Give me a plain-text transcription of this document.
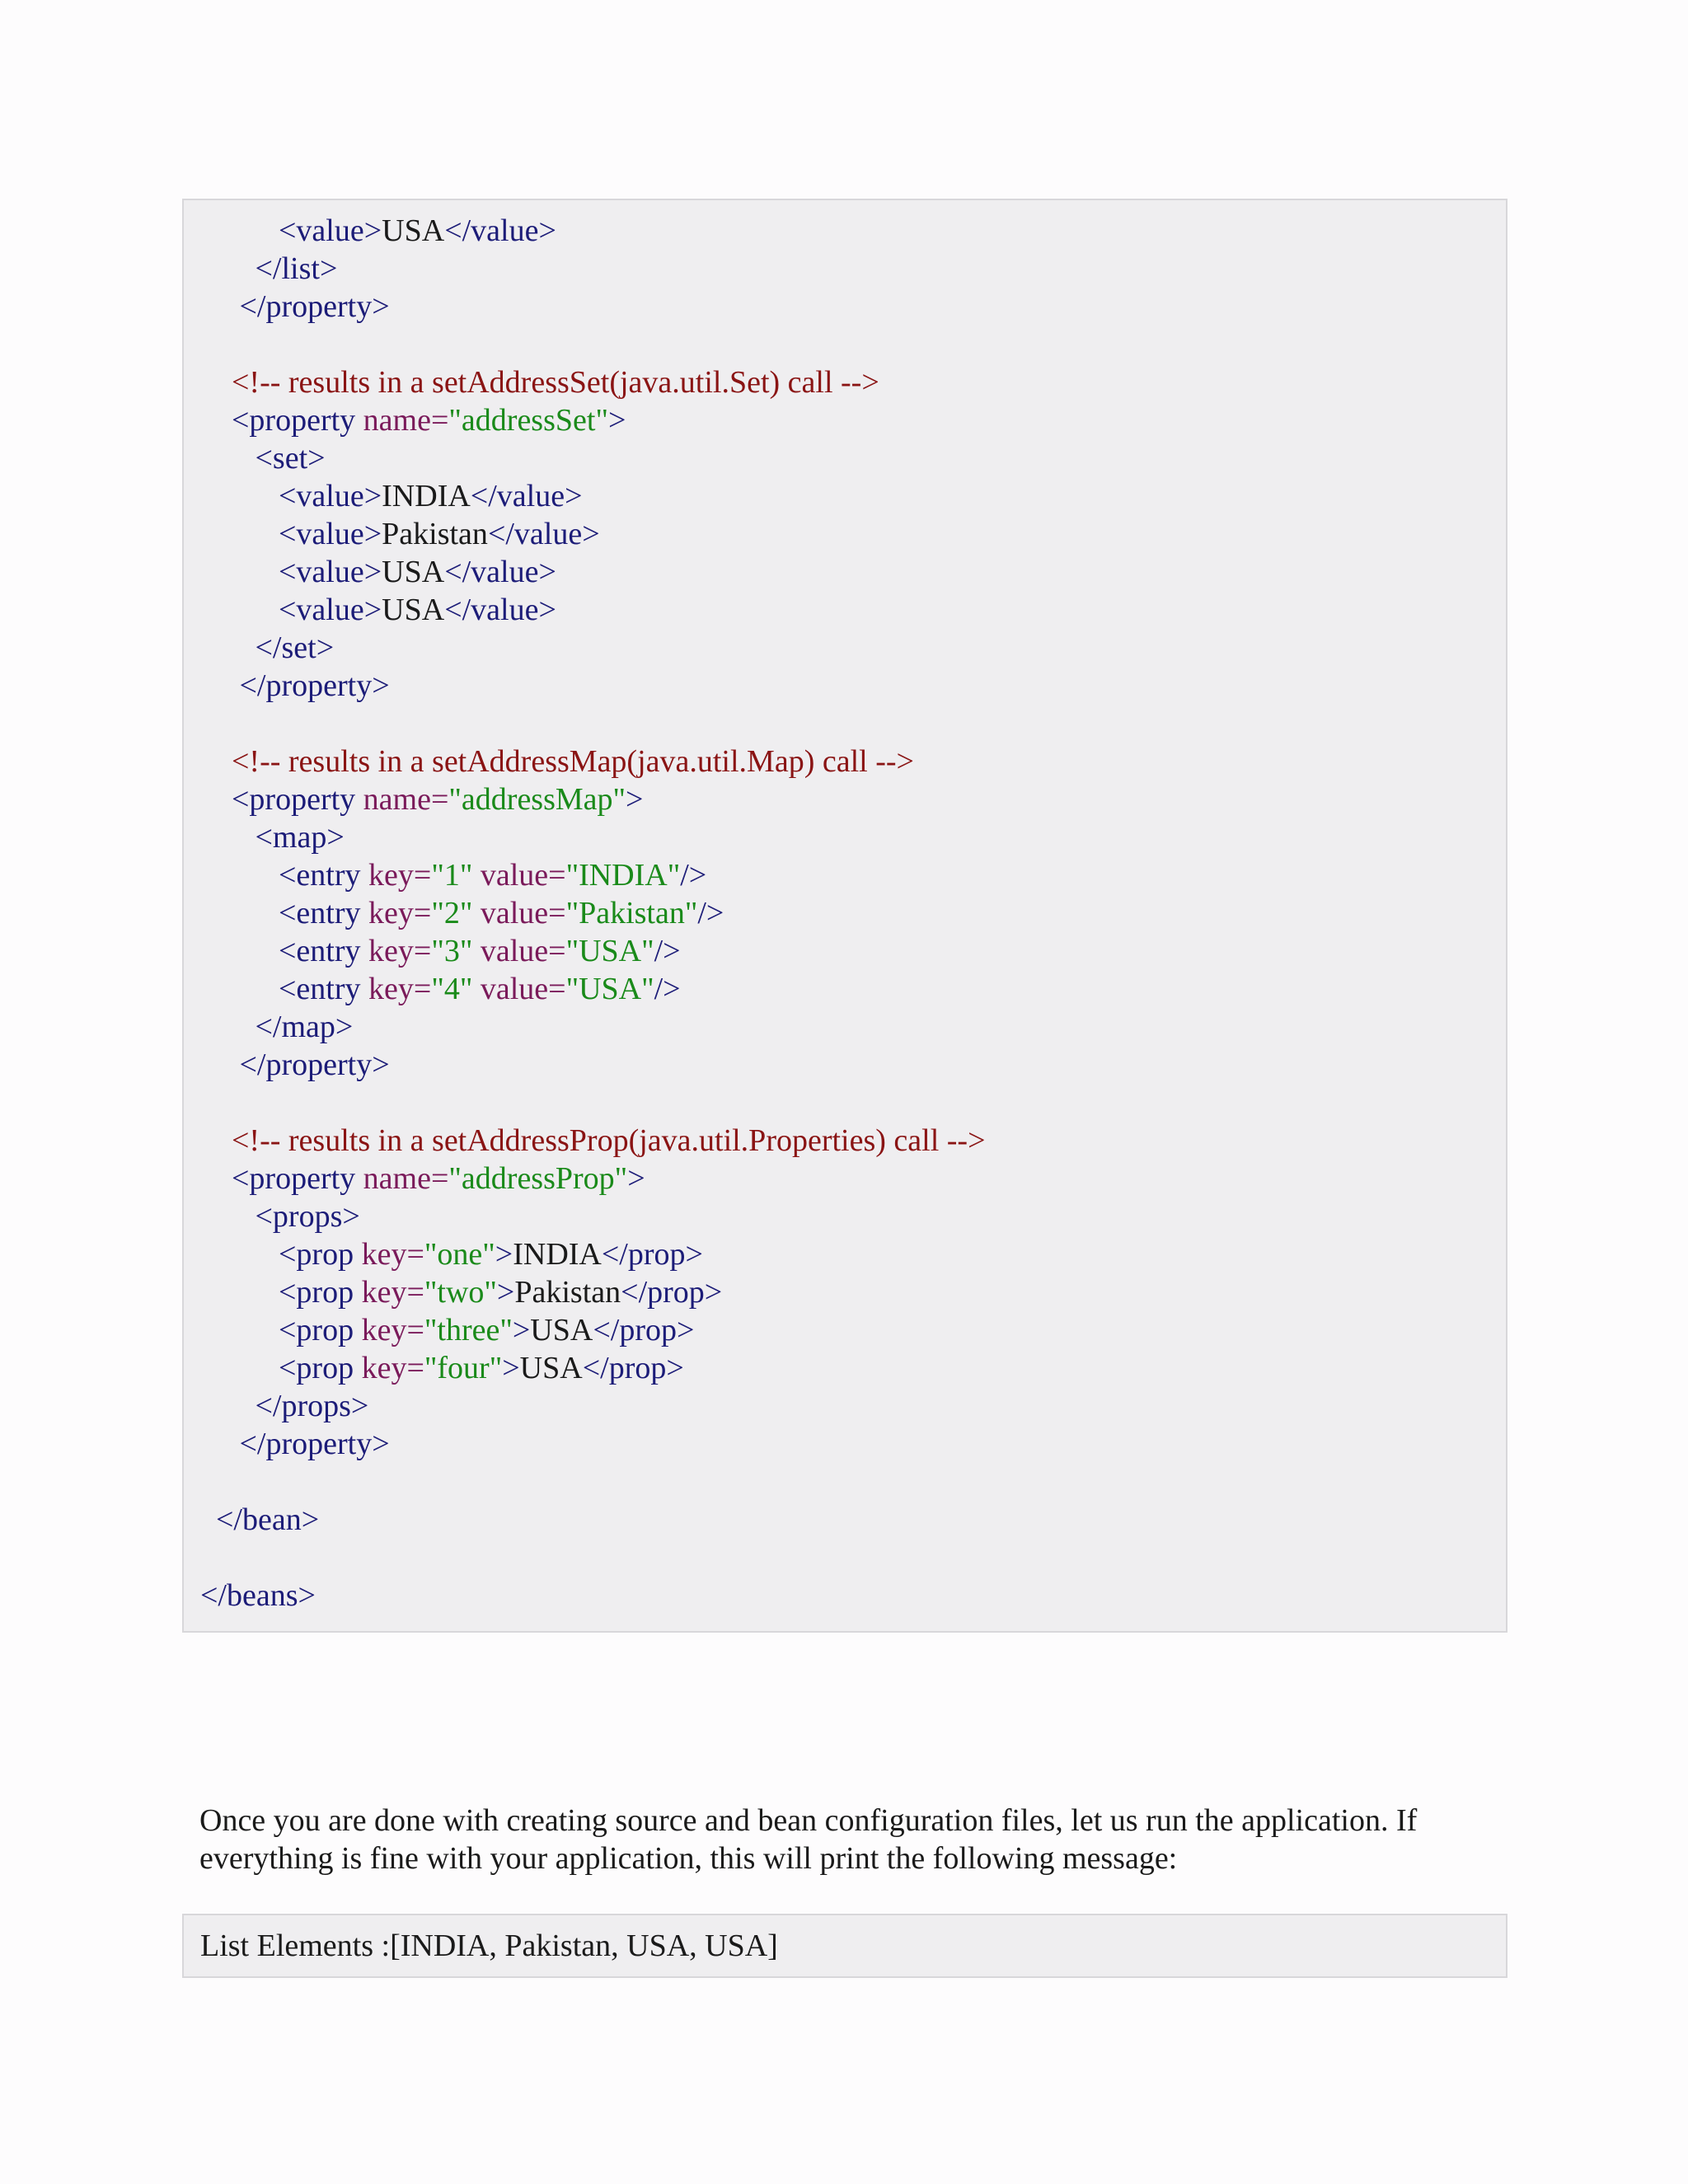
<value>USA</value>

</list>

</property>

<!-- results in a setAddressSet(java.util.Set) call -->

<property name="addressSet">

<set>

<value>INDIA</value>

<value>Pakistan</value>

<value>USA</value>

<value>USA</value>

</set>

</property>

<!-- results in a setAddressMap(java.util.Map) call -->

<property name="addressMap">

<map>

<entry key="1" value="INDIA"/>

<entry key="2" value="Pakistan"/>

<entry key="3" value="USA"/>

<entry key="4" value="USA"/>

</map>

</property>

<!-- results in a setAddressProp(java.util.Properties) call -->

<property name="addressProp">

<props>

<prop key="one">INDIA</prop>

<prop key="two">Pakistan</prop>

<prop key="three">USA</prop>

<prop key="four">USA</prop>

</props>

</property>

</bean>

</beans>

Once you are done with creating source and bean configuration files, let us run the application. If
everything is fine with your application, this will print the following message:

List Elements :[INDIA, Pakistan, USA, USA]
